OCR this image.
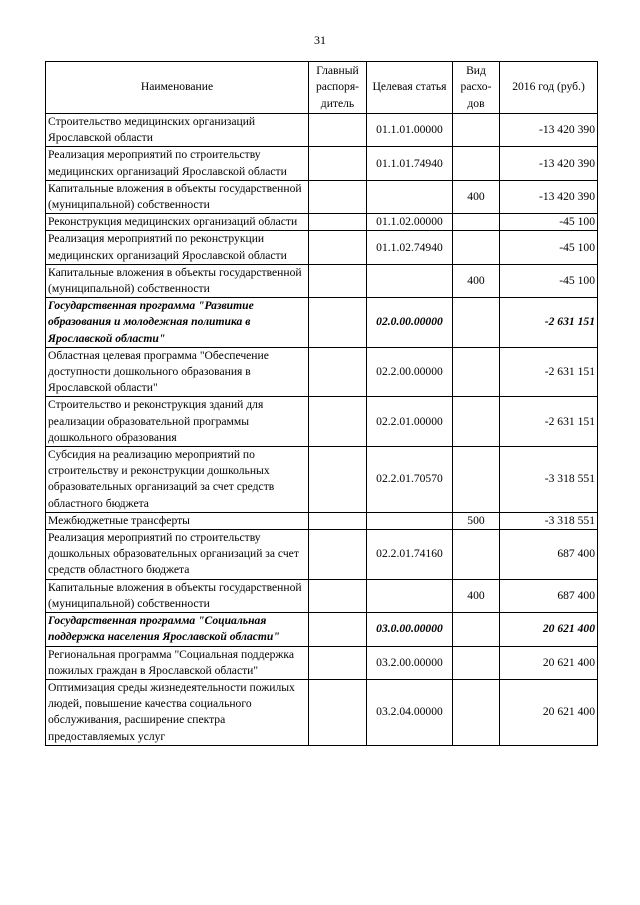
31
Наименование	Главный распоря-дитель	Целевая статья	Вид расхо-дов	2016 год (руб.)
Строительство медицинских организаций Ярославской области		01.1.01.00000		-13 420 390
Реализация мероприятий по строительству медицинских организаций Ярославской области		01.1.01.74940		-13 420 390
Капитальные вложения в объекты государственной (муниципальной) собственности			400	-13 420 390
Реконструкция медицинских организаций области		01.1.02.00000		-45 100
Реализация мероприятий по реконструкции медицинских организаций Ярославской области		01.1.02.74940		-45 100
Капитальные вложения в объекты государственной (муниципальной) собственности			400	-45 100
Государственная программа "Развитие образования и молодежная политика в Ярославской области"		02.0.00.00000		-2 631 151
Областная целевая программа "Обеспечение доступности дошкольного образования в Ярославской области"		02.2.00.00000		-2 631 151
Строительство и реконструкция зданий для реализации образовательной программы дошкольного образования		02.2.01.00000		-2 631 151
Субсидия на реализацию мероприятий по строительству и реконструкции дошкольных образовательных организаций за счет средств областного бюджета		02.2.01.70570		-3 318 551
Межбюджетные трансферты			500	-3 318 551
Реализация мероприятий по строительству дошкольных образовательных организаций за счет средств областного бюджета		02.2.01.74160		687 400
Капитальные вложения в объекты государственной (муниципальной) собственности			400	687 400
Государственная программа "Социальная поддержка населения Ярославской области"		03.0.00.00000		20 621 400
Региональная программа "Социальная поддержка пожилых граждан в Ярославской области"		03.2.00.00000		20 621 400
Оптимизация среды жизнедеятельности пожилых людей, повышение качества социального обслуживания, расширение спектра предоставляемых услуг		03.2.04.00000		20 621 400
